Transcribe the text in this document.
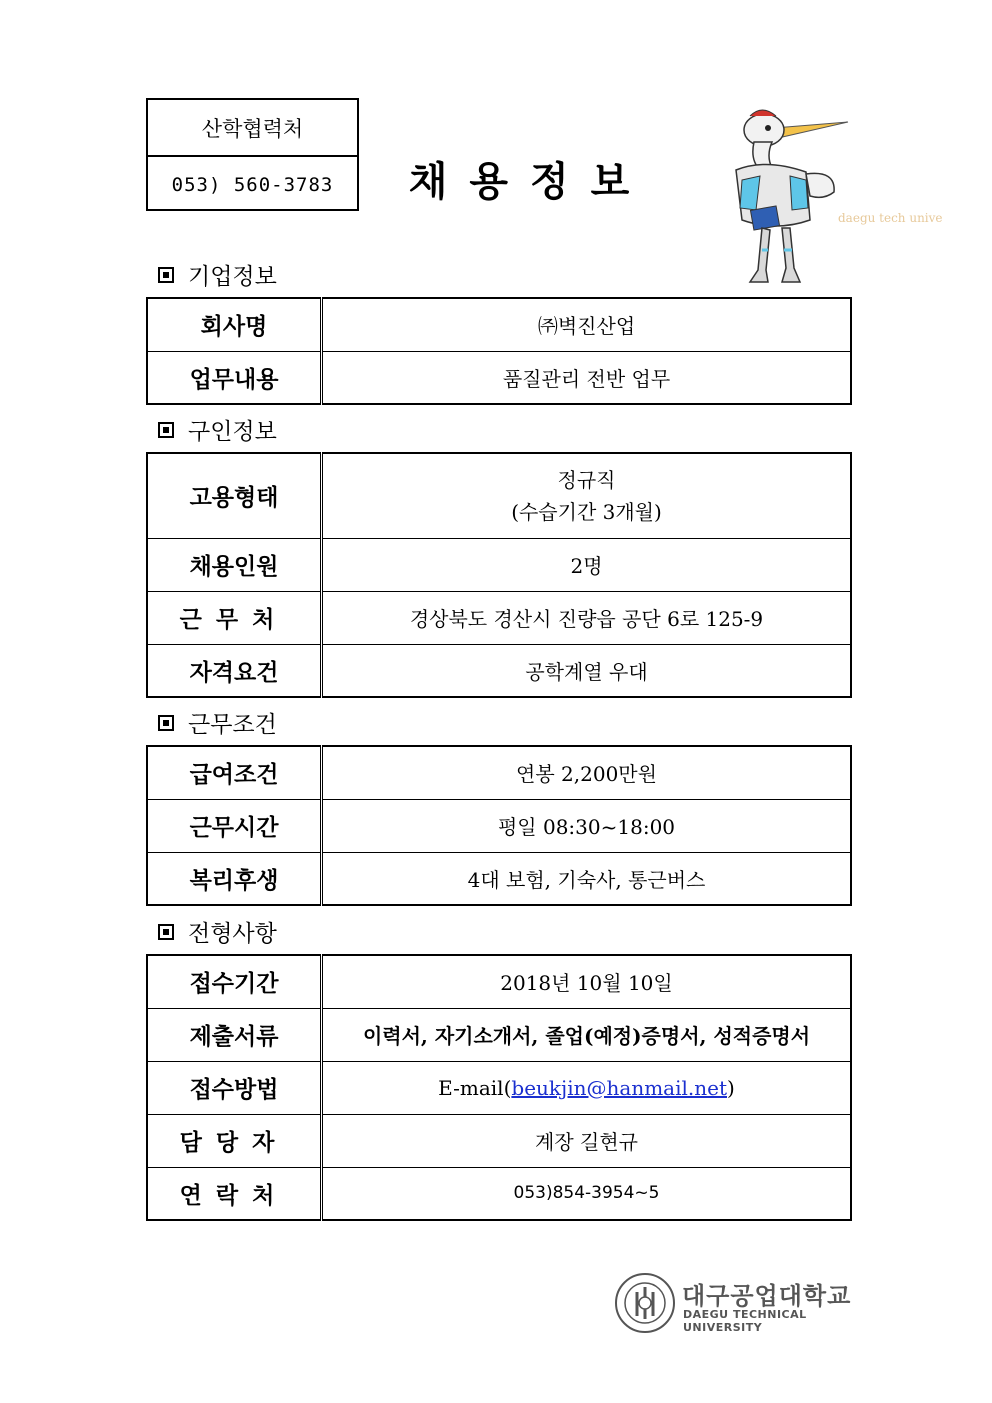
산학협력처
053) 560-3783	채용정보
daegu tech unive
기업정보
회사명	㈜벽진산업

업무내용	품질관리 전반 업무
구인정보
고용형태	정규직
(수습기간 3개월)

채용인원	2명

근무처	경상북도 경산시 진량읍 공단 6로 125-9

자격요건	공학계열 우대
근무조건
급여조건	연봉 2,200만원

근무시간	평일 08:30~18:00

복리후생	4대 보험, 기숙사, 통근버스
전형사항
접수기간	2018년 10월 10일

제출서류	이력서, 자기소개서, 졸업(예정)증명서, 성적증명서

접수방법	E-mail(beukjin@hanmail.net)

담당자	계장 길현규

연락처	053)854-3954~5
대구공업대학교
DAEGU TECHNICAL UNIVERSITY
